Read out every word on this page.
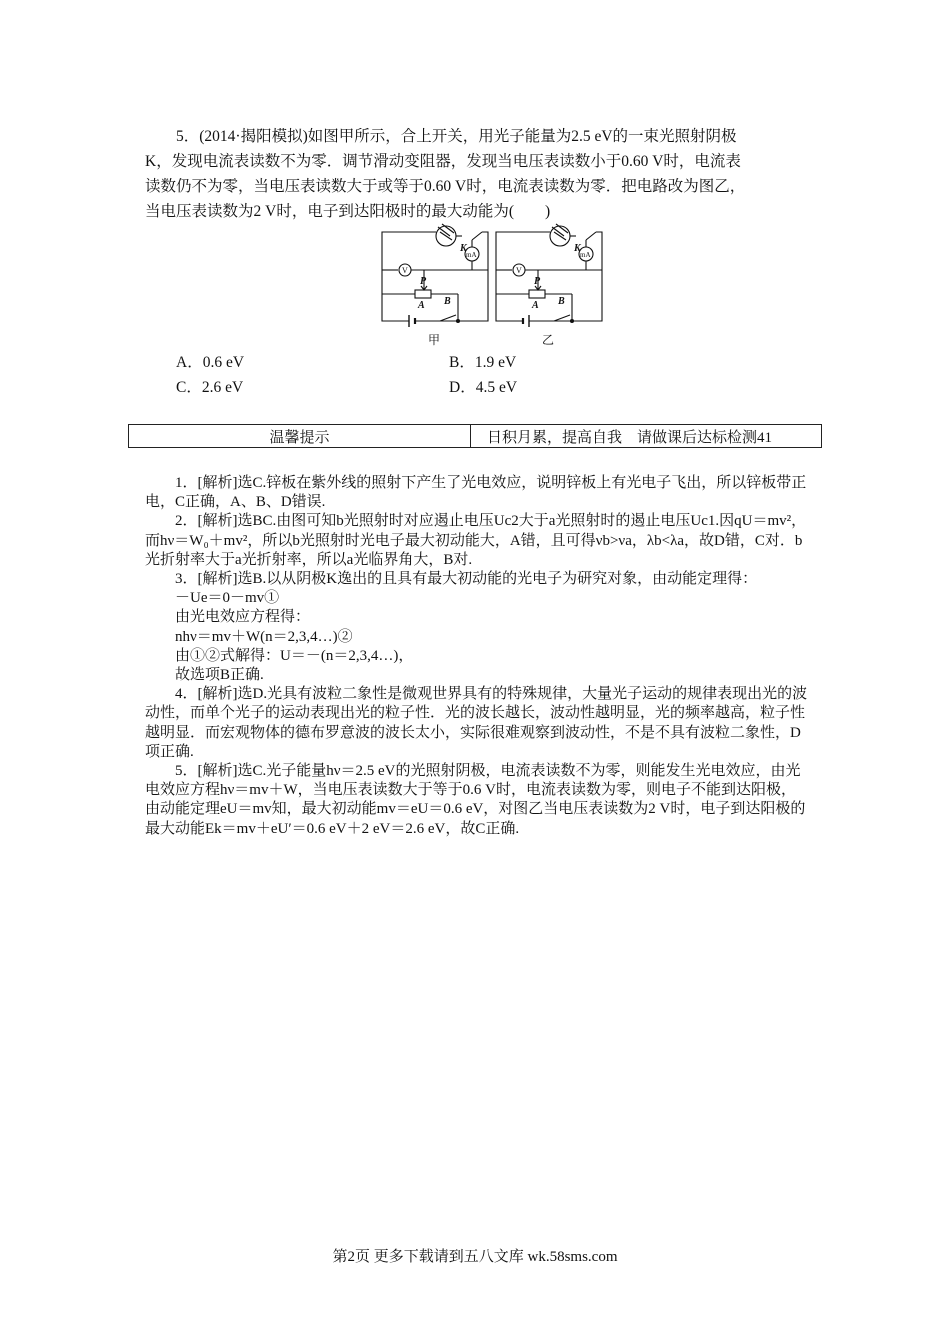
5．(2014·揭阳模拟)如图甲所示，合上开关，用光子能量为2.5 eV的一束光照射阴极

K，发现电流表读数不为零．调节滑动变阻器，发现当电压表读数小于0.60 V时，电流表

读数仍不为零，当电压表读数大于或等于0.60 V时，电流表读数为零．把电路改为图乙，

当电压表读数为2 V时，电子到达阳极时的最大动能为(　　)

K
mA
V
P
A B
甲
K
mA
V
P
A B
乙
A．0.6 eV	B．1.9 eV
C．2.6 eV	D．4.5 eV
温馨提示	日积月累，提高自我　请做课后达标检测41

1．[解析]选C.锌板在紫外线的照射下产生了光电效应，说明锌板上有光电子飞出，所以锌板带正电，C正确，A、B、D错误.

2．[解析]选BC.由图可知b光照射时对应遏止电压Uc2大于a光照射时的遏止电压Uc1.因qU＝mv²，而hν＝W₀＋mv²，所以b光照射时光电子最大初动能大，A错，且可得νb>νa，λb<λa，故D错，C对．b光折射率大于a光折射率，所以a光临界角大，B对.

3．[解析]选B.以从阴极K逸出的且具有最大初动能的光电子为研究对象，由动能定理得：

－Ue＝0－mv①

由光电效应方程得：

nhν＝mv＋W(n＝2,3,4…)②

由①②式解得：U＝－(n＝2,3,4…)，

故选项B正确.

4．[解析]选D.光具有波粒二象性是微观世界具有的特殊规律，大量光子运动的规律表现出光的波动性，而单个光子的运动表现出光的粒子性．光的波长越长，波动性越明显，光的频率越高，粒子性越明显．而宏观物体的德布罗意波的波长太小，实际很难观察到波动性，不是不具有波粒二象性，D项正确.

5．[解析]选C.光子能量hν＝2.5 eV的光照射阴极，电流表读数不为零，则能发生光电效应，由光电效应方程hν＝mv＋W，当电压表读数大于等于0.6 V时，电流表读数为零，则电子不能到达阳极，由动能定理eU＝mv知，最大初动能mv＝eU＝0.6 eV，对图乙当电压表读数为2 V时，电子到达阳极的最大动能Ek＝mv＋eU′＝0.6 eV＋2 eV＝2.6 eV，故C正确.

第2页 更多下载请到五八文库 wk.58sms.com
